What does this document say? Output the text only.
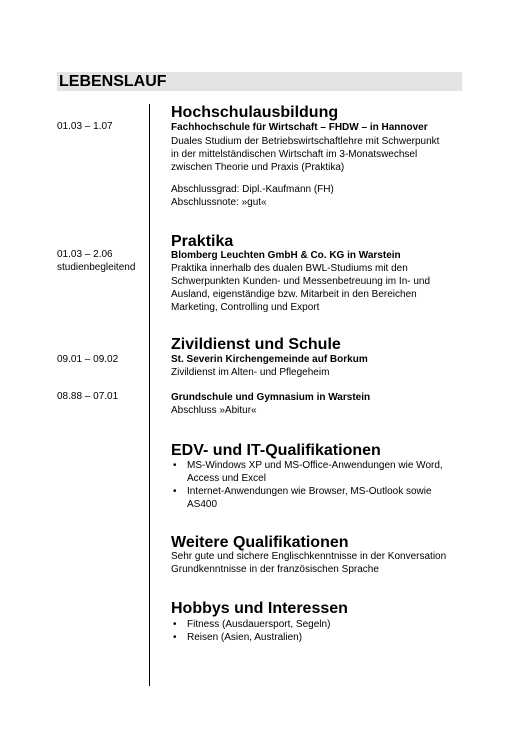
LEBENSLAUF
01.03 – 1.07
Hochschulausbildung
Fachhochschule für Wirtschaft – FHDW – in Hannover
Duales Studium der Betriebswirtschaftlehre mit Schwerpunkt
in der mittelständischen Wirtschaft im 3-Monatswechsel
zwischen Theorie und Praxis (Praktika)
Abschlussgrad: Dipl.-Kaufmann (FH)
Abschlussnote: »gut«
01.03 – 2.06
studienbegleitend
Praktika
Blomberg Leuchten GmbH & Co. KG in Warstein
Praktika innerhalb des dualen BWL-Studiums mit den
Schwerpunkten Kunden- und Messenbetreuung im In- und
Ausland, eigenständige bzw. Mitarbeit in den Bereichen
Marketing, Controlling und Export
Zivildienst und Schule
09.01 – 09.02	St. Severin Kirchengemeinde auf Borkum
Zivildienst im Alten- und Pflegeheim
08.88 – 07.01	Grundschule und Gymnasium in Warstein
Abschluss »Abitur«
EDV- und IT-Qualifikationen
• MS-Windows XP und MS-Office-Anwendungen wie Word,
Access und Excel
• Internet-Anwendungen wie Browser, MS-Outlook sowie
AS400
Weitere Qualifikationen
Sehr gute und sichere Englischkenntnisse in der Konversation
Grundkenntnisse in der französischen Sprache
Hobbys und Interessen
• Fitness (Ausdauersport, Segeln)
• Reisen (Asien, Australien)
